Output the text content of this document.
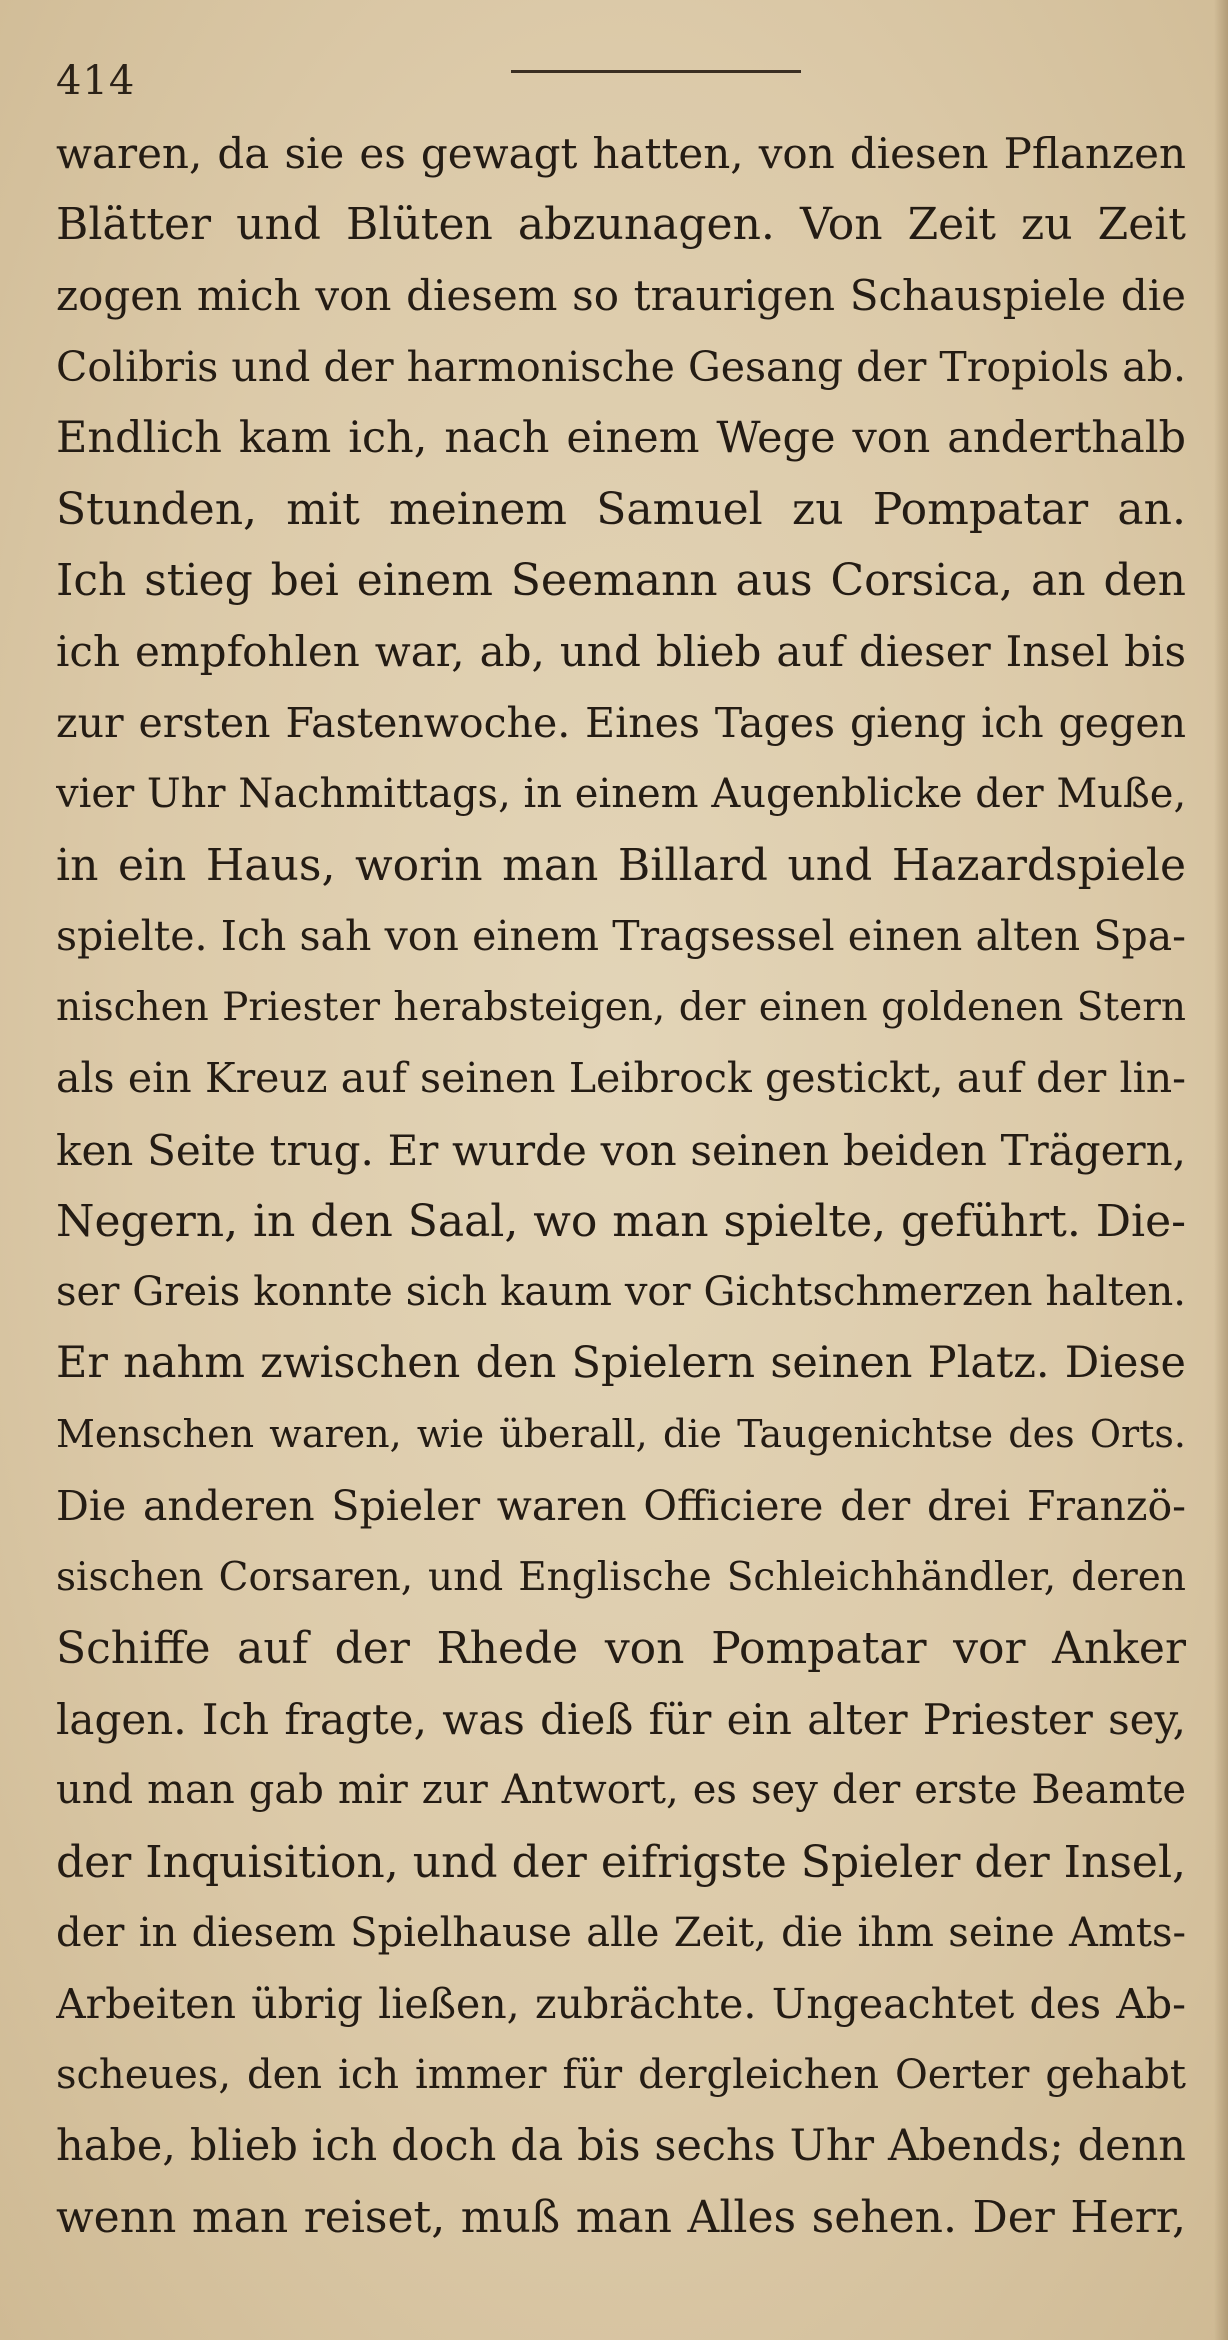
414
waren, da sie es gewagt hatten, von diesen Pflanzen
Blätter und Blüten abzunagen. Von Zeit zu Zeit
zogen mich von diesem so traurigen Schauspiele die
Colibris und der harmonische Gesang der Tropiols ab.
Endlich kam ich, nach einem Wege von anderthalb
Stunden, mit meinem Samuel zu Pompatar an.
Ich stieg bei einem Seemann aus Corsica, an den
ich empfohlen war, ab, und blieb auf dieser Insel bis
zur ersten Fastenwoche. Eines Tages gieng ich gegen
vier Uhr Nachmittags, in einem Augenblicke der Muße,
in ein Haus, worin man Billard und Hazardspiele
spielte. Ich sah von einem Tragsessel einen alten Spa-
nischen Priester herabsteigen, der einen goldenen Stern
als ein Kreuz auf seinen Leibrock gestickt, auf der lin-
ken Seite trug. Er wurde von seinen beiden Trägern,
Negern, in den Saal, wo man spielte, geführt. Die-
ser Greis konnte sich kaum vor Gichtschmerzen halten.
Er nahm zwischen den Spielern seinen Platz. Diese
Menschen waren, wie überall, die Taugenichtse des Orts.
Die anderen Spieler waren Officiere der drei Franzö-
sischen Corsaren, und Englische Schleichhändler, deren
Schiffe auf der Rhede von Pompatar vor Anker
lagen. Ich fragte, was dieß für ein alter Priester sey,
und man gab mir zur Antwort, es sey der erste Beamte
der Inquisition, und der eifrigste Spieler der Insel,
der in diesem Spielhause alle Zeit, die ihm seine Amts-
Arbeiten übrig ließen, zubrächte. Ungeachtet des Ab-
scheues, den ich immer für dergleichen Oerter gehabt
habe, blieb ich doch da bis sechs Uhr Abends; denn
wenn man reiset, muß man Alles sehen. Der Herr,
